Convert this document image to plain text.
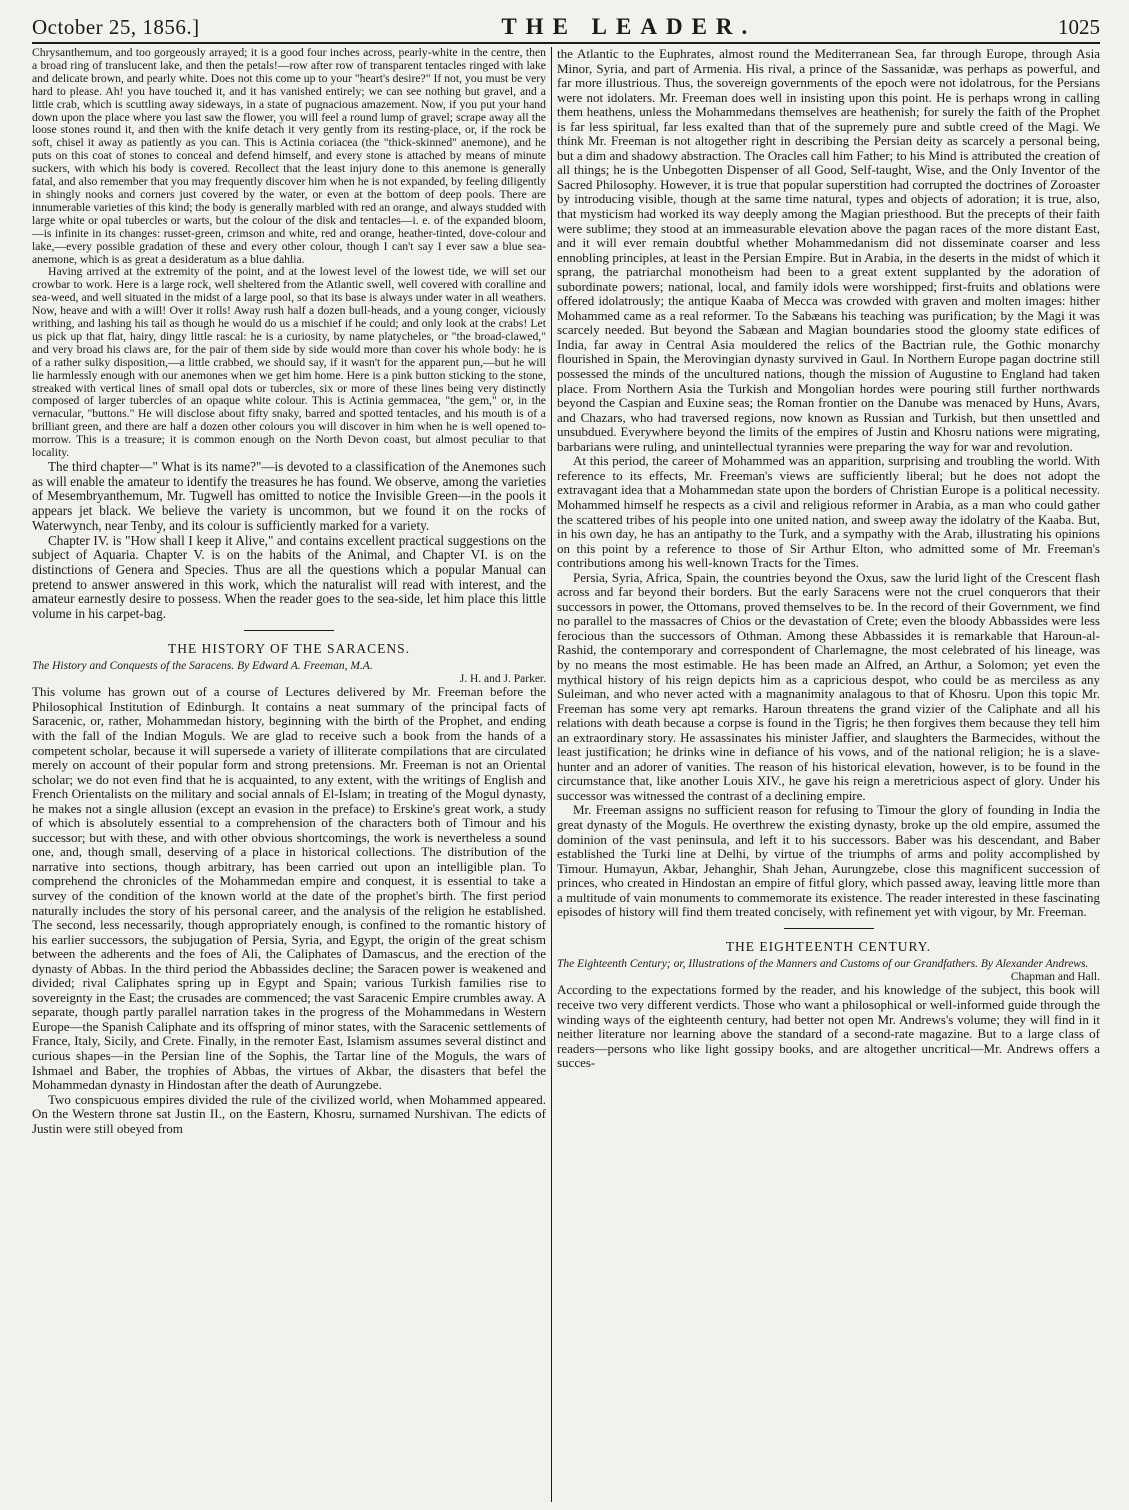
October 25, 1856.]	THE LEADER.	1025

Chrysanthemum, and too gorgeously arrayed; it is a good four inches across, pearly-white in the centre, then a broad ring of translucent lake, and then the petals!—row after row of transparent tentacles ringed with lake and delicate brown, and pearly white. Does not this come up to your "heart's desire?" If not, you must be very hard to please. Ah! you have touched it, and it has vanished entirely; we can see nothing but gravel, and a little crab, which is scuttling away sideways, in a state of pugnacious amazement. Now, if you put your hand down upon the place where you last saw the flower, you will feel a round lump of gravel; scrape away all the loose stones round it, and then with the knife detach it very gently from its resting-place, or, if the rock be soft, chisel it away as patiently as you can. This is Actinia coriacea (the "thick-skinned" anemone), and he puts on this coat of stones to conceal and defend himself, and every stone is attached by means of minute suckers, with which his body is covered. Recollect that the least injury done to this anemone is generally fatal, and also remember that you may frequently discover him when he is not expanded, by feeling diligently in shingly nooks and corners just covered by the water, or even at the bottom of deep pools. There are innumerable varieties of this kind; the body is generally marbled with red an orange, and always studded with large white or opal tubercles or warts, but the colour of the disk and tentacles—i. e. of the expanded bloom,—is infinite in its changes: russet-green, crimson and white, red and orange, heather-tinted, dove-colour and lake,—every possible gradation of these and every other colour, though I can't say I ever saw a blue sea-anemone, which is as great a desideratum as a blue dahlia.

Having arrived at the extremity of the point, and at the lowest level of the lowest tide, we will set our crowbar to work. Here is a large rock, well sheltered from the Atlantic swell, well covered with coralline and sea-weed, and well situated in the midst of a large pool, so that its base is always under water in all weathers. Now, heave and with a will! Over it rolls! Away rush half a dozen bull-heads, and a young conger, viciously writhing, and lashing his tail as though he would do us a mischief if he could; and only look at the crabs! Let us pick up that flat, hairy, dingy little rascal: he is a curiosity, by name platycheles, or "the broad-clawed," and very broad his claws are, for the pair of them side by side would more than cover his whole body: he is of a rather sulky disposition,—a little crabbed, we should say, if it wasn't for the apparent pun,—but he will lie harmlessly enough with our anemones when we get him home. Here is a pink button sticking to the stone, streaked with vertical lines of small opal dots or tubercles, six or more of these lines being very distinctly composed of larger tubercles of an opaque white colour. This is Actinia gemmacea, "the gem," or, in the vernacular, "buttons." He will disclose about fifty snaky, barred and spotted tentacles, and his mouth is of a brilliant green, and there are half a dozen other colours you will discover in him when he is well opened to-morrow. This is a treasure; it is common enough on the North Devon coast, but almost peculiar to that locality.

The third chapter—" What is its name?"—is devoted to a classification of the Anemones such as will enable the amateur to identify the treasures he has found. We observe, among the varieties of Mesembryanthemum, Mr. Tugwell has omitted to notice the Invisible Green—in the pools it appears jet black. We believe the variety is uncommon, but we found it on the rocks of Waterwynch, near Tenby, and its colour is sufficiently marked for a variety.

Chapter IV. is "How shall I keep it Alive," and contains excellent practical suggestions on the subject of Aquaria. Chapter V. is on the habits of the Animal, and Chapter VI. is on the distinctions of Genera and Species. Thus are all the questions which a popular Manual can pretend to answer answered in this work, which the naturalist will read with interest, and the amateur earnestly desire to possess. When the reader goes to the sea-side, let him place this little volume in his carpet-bag.

THE HISTORY OF THE SARACENS.
The History and Conquests of the Saracens. By Edward A. Freeman, M.A.
J. H. and J. Parker.

This volume has grown out of a course of Lectures delivered by Mr. Freeman before the Philosophical Institution of Edinburgh. It contains a neat summary of the principal facts of Saracenic, or, rather, Mohammedan history, beginning with the birth of the Prophet, and ending with the fall of the Indian Moguls. We are glad to receive such a book from the hands of a competent scholar, because it will supersede a variety of illiterate compilations that are circulated merely on account of their popular form and strong pretensions. Mr. Freeman is not an Oriental scholar; we do not even find that he is acquainted, to any extent, with the writings of English and French Orientalists on the military and social annals of El-Islam; in treating of the Mogul dynasty, he makes not a single allusion (except an evasion in the preface) to Erskine's great work, a study of which is absolutely essential to a comprehension of the characters both of Timour and his successor; but with these, and with other obvious shortcomings, the work is nevertheless a sound one, and, though small, deserving of a place in historical collections. The distribution of the narrative into sections, though arbitrary, has been carried out upon an intelligible plan. To comprehend the chronicles of the Mohammedan empire and conquest, it is essential to take a survey of the condition of the known world at the date of the prophet's birth. The first period naturally includes the story of his personal career, and the analysis of the religion he established. The second, less necessarily, though appropriately enough, is confined to the romantic history of his earlier successors, the subjugation of Persia, Syria, and Egypt, the origin of the great schism between the adherents and the foes of Ali, the Caliphates of Damascus, and the erection of the dynasty of Abbas. In the third period the Abbassides decline; the Saracen power is weakened and divided; rival Caliphates spring up in Egypt and Spain; various Turkish families rise to sovereignty in the East; the crusades are commenced; the vast Saracenic Empire crumbles away. A separate, though partly parallel narration takes in the progress of the Mohammedans in Western Europe—the Spanish Caliphate and its offspring of minor states, with the Saracenic settlements of France, Italy, Sicily, and Crete. Finally, in the remoter East, Islamism assumes several distinct and curious shapes—in the Persian line of the Sophis, the Tartar line of the Moguls, the wars of Ishmael and Baber, the trophies of Abbas, the virtues of Akbar, the disasters that befel the Mohammedan dynasty in Hindostan after the death of Aurungzebe.

Two conspicuous empires divided the rule of the civilized world, when Mohammed appeared. On the Western throne sat Justin II., on the Eastern, Khosru, surnamed Nurshivan. The edicts of Justin were still obeyed from

the Atlantic to the Euphrates, almost round the Mediterranean Sea, far through Europe, through Asia Minor, Syria, and part of Armenia. His rival, a prince of the Sassanidæ, was perhaps as powerful, and far more illustrious. Thus, the sovereign governments of the epoch were not idolatrous, for the Persians were not idolaters. Mr. Freeman does well in insisting upon this point. He is perhaps wrong in calling them heathens, unless the Mohammedans themselves are heathenish; for surely the faith of the Prophet is far less spiritual, far less exalted than that of the supremely pure and subtle creed of the Magi. We think Mr. Freeman is not altogether right in describing the Persian deity as scarcely a personal being, but a dim and shadowy abstraction. The Oracles call him Father; to his Mind is attributed the creation of all things; he is the Unbegotten Dispenser of all Good, Self-taught, Wise, and the Only Inventor of the Sacred Philosophy. However, it is true that popular superstition had corrupted the doctrines of Zoroaster by introducing visible, though at the same time natural, types and objects of adoration; it is true, also, that mysticism had worked its way deeply among the Magian priesthood. But the precepts of their faith were sublime; they stood at an immeasurable elevation above the pagan races of the more distant East, and it will ever remain doubtful whether Mohammedanism did not disseminate coarser and less ennobling principles, at least in the Persian Empire. But in Arabia, in the deserts in the midst of which it sprang, the patriarchal monotheism had been to a great extent supplanted by the adoration of subordinate powers; national, local, and family idols were worshipped; first-fruits and oblations were offered idolatrously; the antique Kaaba of Mecca was crowded with graven and molten images: hither Mohammed came as a real reformer. To the Sabæans his teaching was purification; by the Magi it was scarcely needed. But beyond the Sabæan and Magian boundaries stood the gloomy state edifices of India, far away in Central Asia mouldered the relics of the Bactrian rule, the Gothic monarchy flourished in Spain, the Merovingian dynasty survived in Gaul. In Northern Europe pagan doctrine still possessed the minds of the uncultured nations, though the mission of Augustine to England had taken place. From Northern Asia the Turkish and Mongolian hordes were pouring still further northwards beyond the Caspian and Euxine seas; the Roman frontier on the Danube was menaced by Huns, Avars, and Chazars, who had traversed regions, now known as Russian and Turkish, but then unsettled and unsubdued. Everywhere beyond the limits of the empires of Justin and Khosru nations were migrating, barbarians were ruling, and unintellectual tyrannies were preparing the way for war and revolution.

At this period, the career of Mohammed was an apparition, surprising and troubling the world. With reference to its effects, Mr. Freeman's views are sufficiently liberal; but he does not adopt the extravagant idea that a Mohammedan state upon the borders of Christian Europe is a political necessity. Mohammed himself he respects as a civil and religious reformer in Arabia, as a man who could gather the scattered tribes of his people into one united nation, and sweep away the idolatry of the Kaaba. But, in his own day, he has an antipathy to the Turk, and a sympathy with the Arab, illustrating his opinions on this point by a reference to those of Sir Arthur Elton, who admitted some of Mr. Freeman's contributions among his well-known Tracts for the Times.

Persia, Syria, Africa, Spain, the countries beyond the Oxus, saw the lurid light of the Crescent flash across and far beyond their borders. But the early Saracens were not the cruel conquerors that their successors in power, the Ottomans, proved themselves to be. In the record of their Government, we find no parallel to the massacres of Chios or the devastation of Crete; even the bloody Abbassides were less ferocious than the successors of Othman. Among these Abbassides it is remarkable that Haroun-al-Rashid, the contemporary and correspondent of Charlemagne, the most celebrated of his lineage, was by no means the most estimable. He has been made an Alfred, an Arthur, a Solomon; yet even the mythical history of his reign depicts him as a capricious despot, who could be as merciless as any Suleiman, and who never acted with a magnanimity analagous to that of Khosru. Upon this topic Mr. Freeman has some very apt remarks. Haroun threatens the grand vizier of the Caliphate and all his relations with death because a corpse is found in the Tigris; he then forgives them because they tell him an extraordinary story. He assassinates his minister Jaffier, and slaughters the Barmecides, without the least justification; he drinks wine in defiance of his vows, and of the national religion; he is a slave-hunter and an adorer of vanities. The reason of his historical elevation, however, is to be found in the circumstance that, like another Louis XIV., he gave his reign a meretricious aspect of glory. Under his successor was witnessed the contrast of a declining empire.

Mr. Freeman assigns no sufficient reason for refusing to Timour the glory of founding in India the great dynasty of the Moguls. He overthrew the existing dynasty, broke up the old empire, assumed the dominion of the vast peninsula, and left it to his successors. Baber was his descendant, and Baber established the Turki line at Delhi, by virtue of the triumphs of arms and polity accomplished by Timour. Humayun, Akbar, Jehanghir, Shah Jehan, Aurungzebe, close this magnificent succession of princes, who created in Hindostan an empire of fitful glory, which passed away, leaving little more than a multitude of vain monuments to commemorate its existence. The reader interested in these fascinating episodes of history will find them treated concisely, with refinement yet with vigour, by Mr. Freeman.

THE EIGHTEENTH CENTURY.
The Eighteenth Century; or, Illustrations of the Manners and Customs of our Grandfathers. By Alexander Andrews.
Chapman and Hall.

According to the expectations formed by the reader, and his knowledge of the subject, this book will receive two very different verdicts. Those who want a philosophical or well-informed guide through the winding ways of the eighteenth century, had better not open Mr. Andrews's volume; they will find in it neither literature nor learning above the standard of a second-rate magazine. But to a large class of readers—persons who like light gossipy books, and are altogether uncritical—Mr. Andrews offers a succes-
